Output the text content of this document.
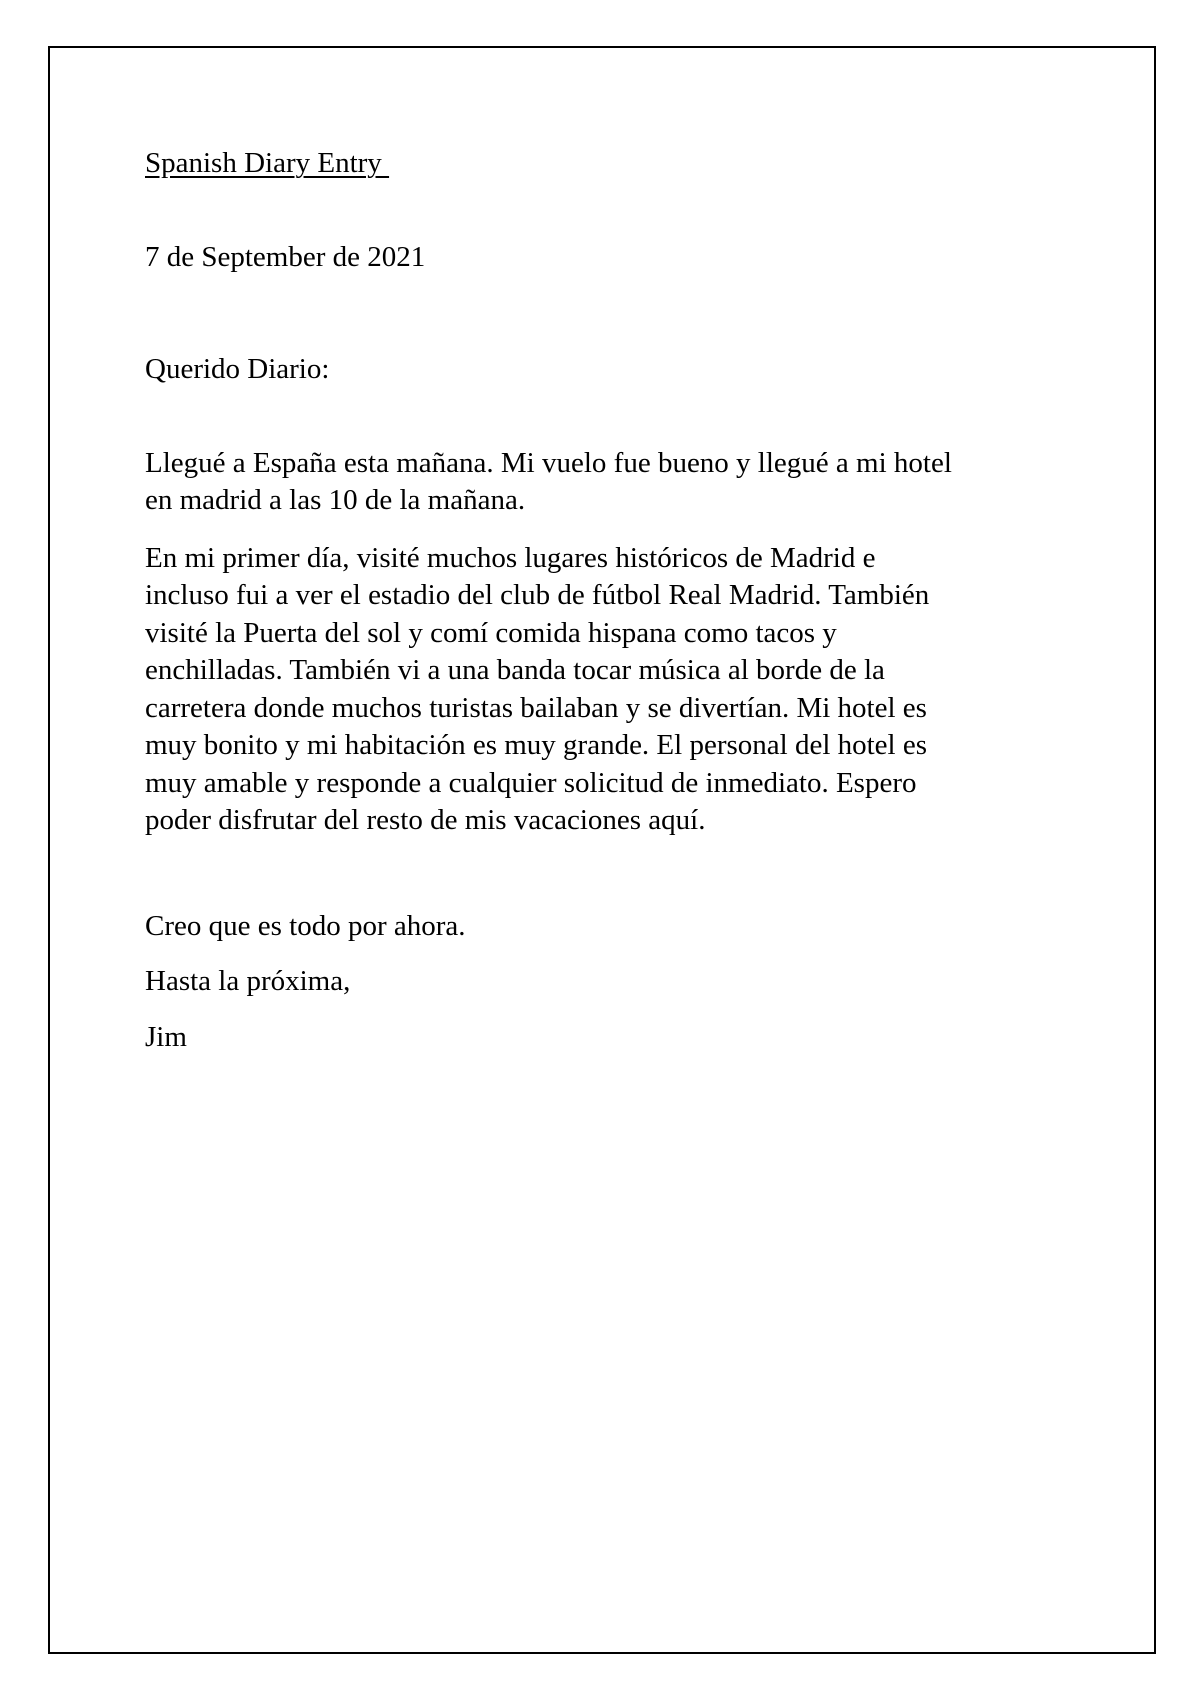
Spanish Diary Entry
7 de September de 2021
Querido Diario:
Llegué a España esta mañana. Mi vuelo fue bueno y llegué a mi hotel
en madrid a las 10 de la mañana.
En mi primer día, visité muchos lugares históricos de Madrid e
incluso fui a ver el estadio del club de fútbol Real Madrid. También
visité la Puerta del sol y comí comida hispana como tacos y
enchilladas. También vi a una banda tocar música al borde de la
carretera donde muchos turistas bailaban y se divertían. Mi hotel es
muy bonito y mi habitación es muy grande. El personal del hotel es
muy amable y responde a cualquier solicitud de inmediato. Espero
poder disfrutar del resto de mis vacaciones aquí.
Creo que es todo por ahora.
Hasta la próxima,
Jim
